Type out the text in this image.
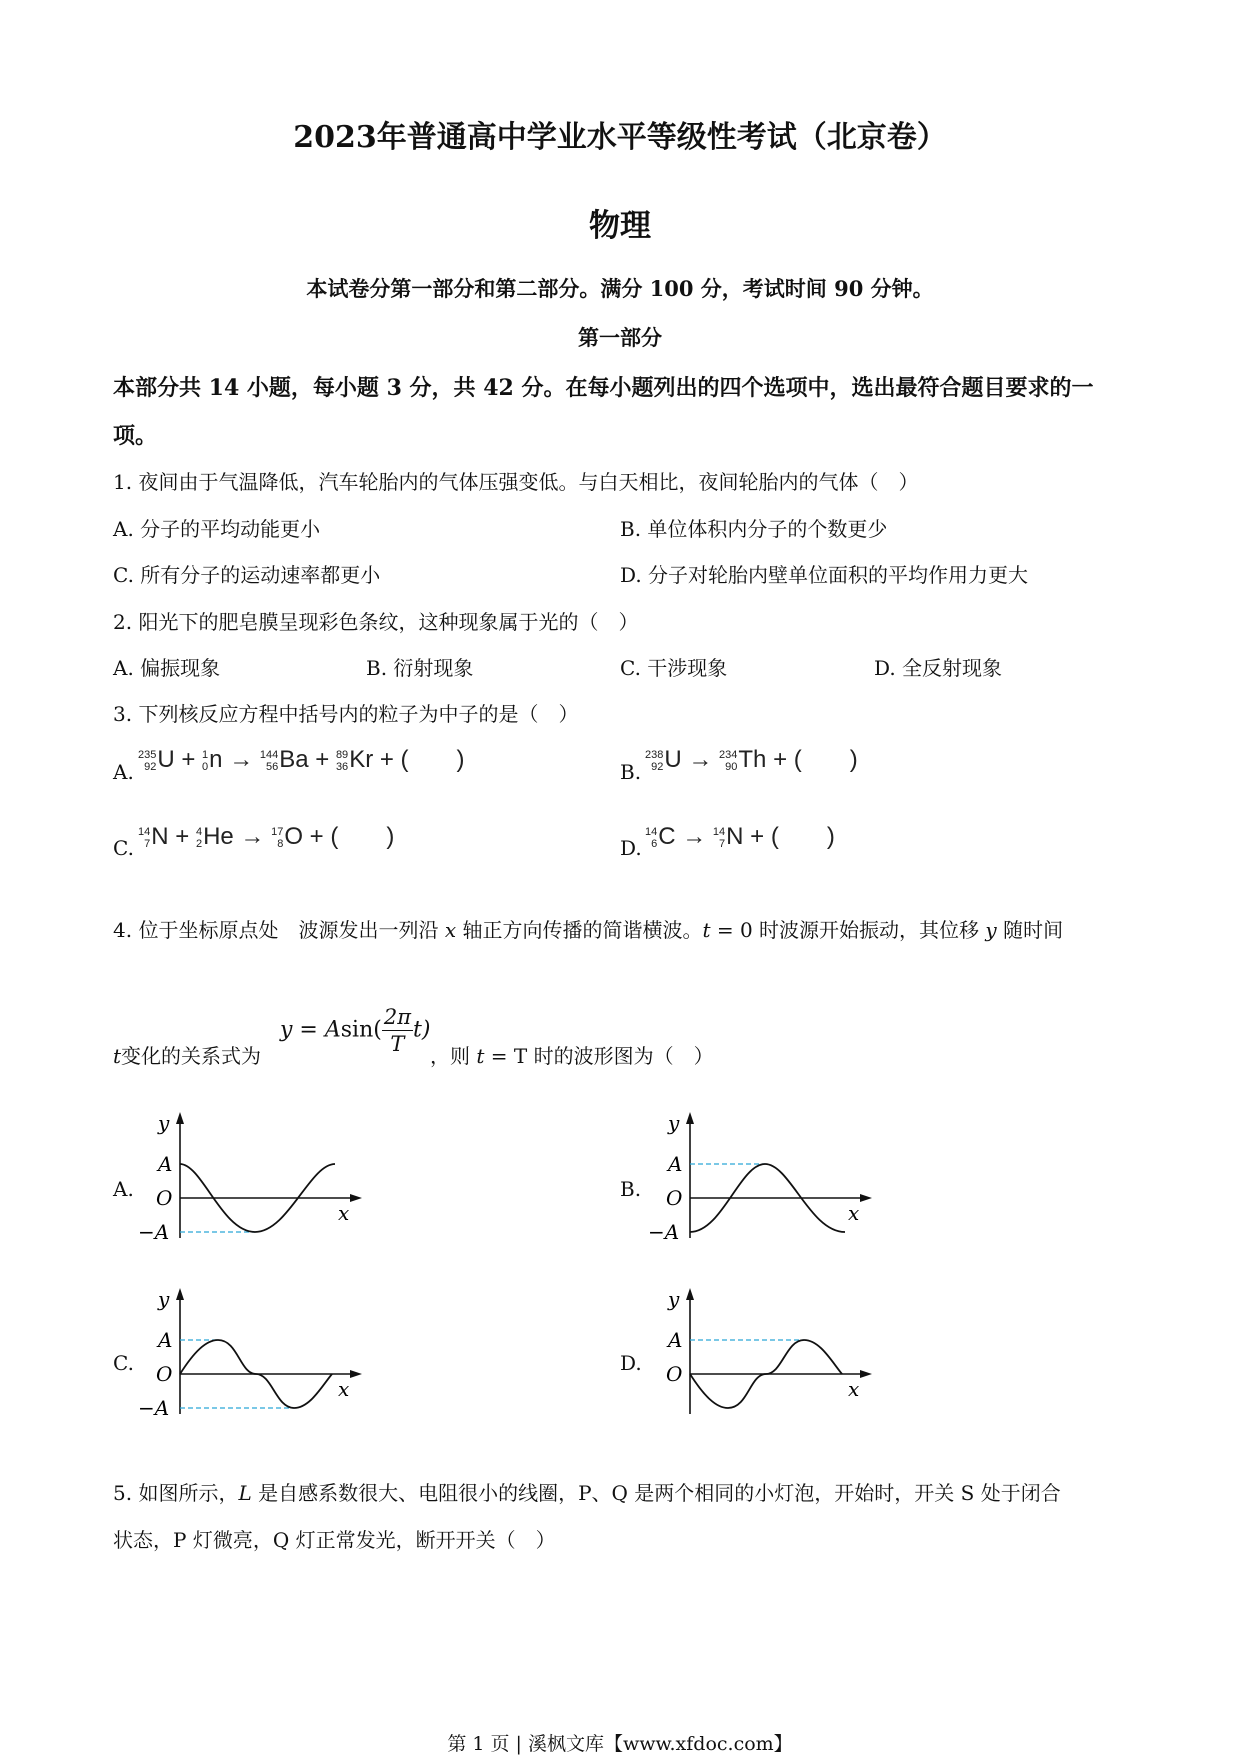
2023年普通高中学业水平等级性考试（北京卷）
物理
本试卷分第一部分和第二部分。满分 100 分，考试时间 90 分钟。
第一部分
本部分共 14 小题，每小题 3 分，共 42 分。在每小题列出的四个选项中，选出最符合题目要求的一项。
1. 夜间由于气温降低，汽车轮胎内的气体压强变低。与白天相比，夜间轮胎内的气体（　）
A. 分子的平均动能更小	B. 单位体积内分子的个数更少
C. 所有分子的运动速率都更小	D. 分子对轮胎内壁单位面积的平均作用力更大
2. 阳光下的肥皂膜呈现彩色条纹，这种现象属于光的（　）
A. 偏振现象	B. 衍射现象	C. 干涉现象	D. 全反射现象
3. 下列核反应方程中括号内的粒子为中子的是（　）
A.
235
92 U + 1
0 n → 144
56 Ba + 89
36 Kr + (　　)	B.
238
92 U → 234
90 Th + (　　)
C.
14
7 N + 4
2 He → 17
8 O + (　　)	D.
14
6 C → 14
7 N + (　　)
4. 位于坐标原点处　波源发出一列沿 x 轴正方向传播的简谐横波。t = 0 时波源开始振动，其位移 y 随时间
t变化的关系式为
$y = Asin( \frac{2\pi}{T} t)$
，则 t = T 时的波形图为（　）
A.	B.
C.	D.
y
A
O
−A
x
y
A
O
−A
x
y
A
O
−A
x
y
A
O
x
5. 如图所示，L 是自感系数很大、电阻很小的线圈，P、Q 是两个相同的小灯泡，开始时，开关 S 处于闭合
状态，P 灯微亮，Q 灯正常发光，断开开关（　）
第 1 页 | 溪枫文库【www.xfdoc.com】
